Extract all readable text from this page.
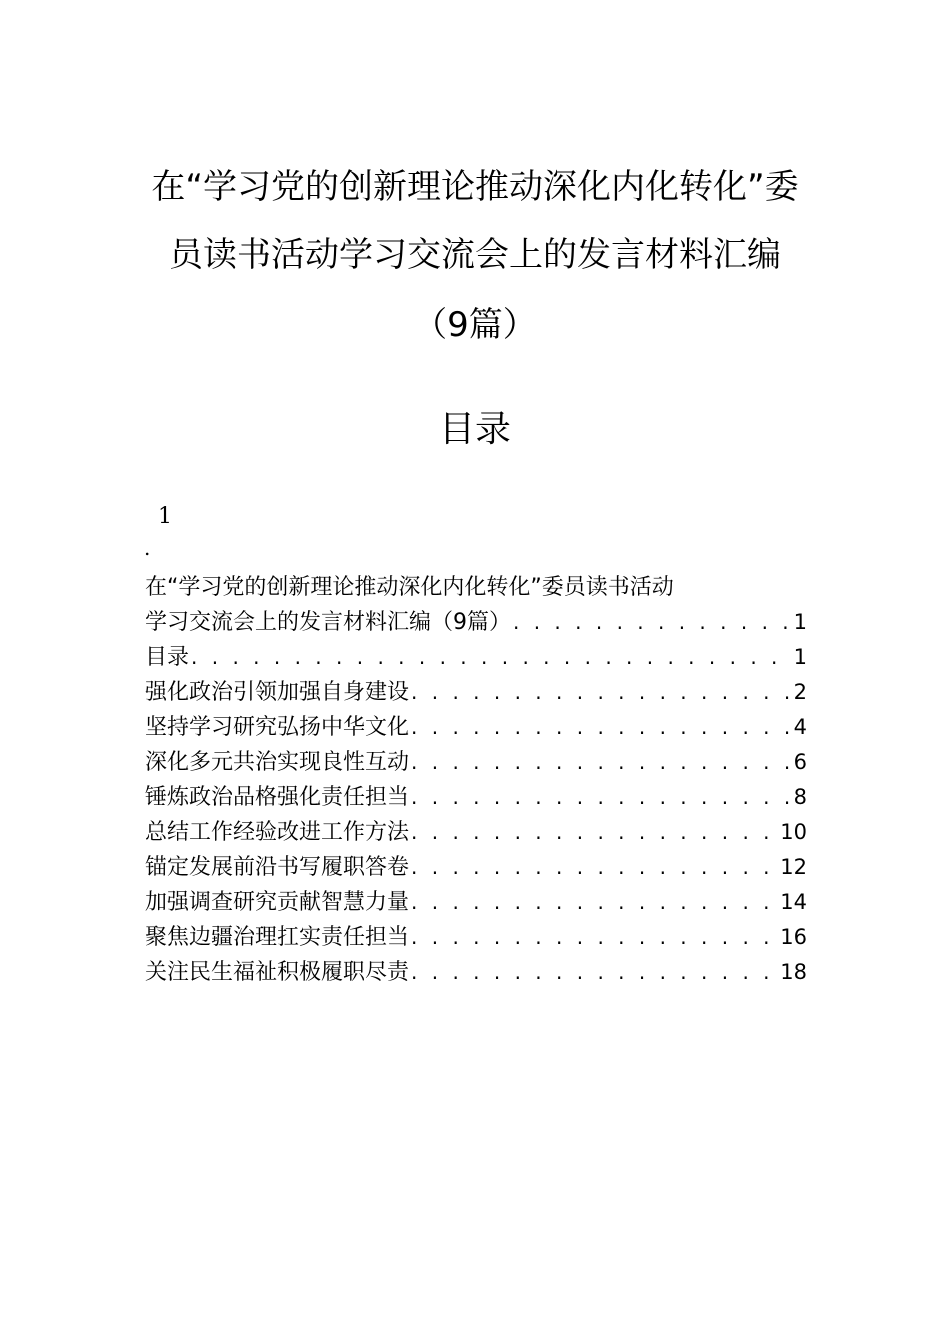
在“学习党的创新理论推动深化内化转化”委
员读书活动学习交流会上的发言材料汇编
（9篇）
目录
1
.
在“学习党的创新理论推动深化内化转化”委员读书活动
学习交流会上的发言材料汇编（9篇） . . .	1
目录 . . .	1
强化政治引领加强自身建设 . . .	2
坚持学习研究弘扬中华文化 . . .	4
深化多元共治实现良性互动 . . .	6
锤炼政治品格强化责任担当 . . .	8
总结工作经验改进工作方法 . . .	10
锚定发展前沿书写履职答卷 . . .	12
加强调查研究贡献智慧力量 . . .	14
聚焦边疆治理扛实责任担当 . . .	16
关注民生福祉积极履职尽责 . . .	18
